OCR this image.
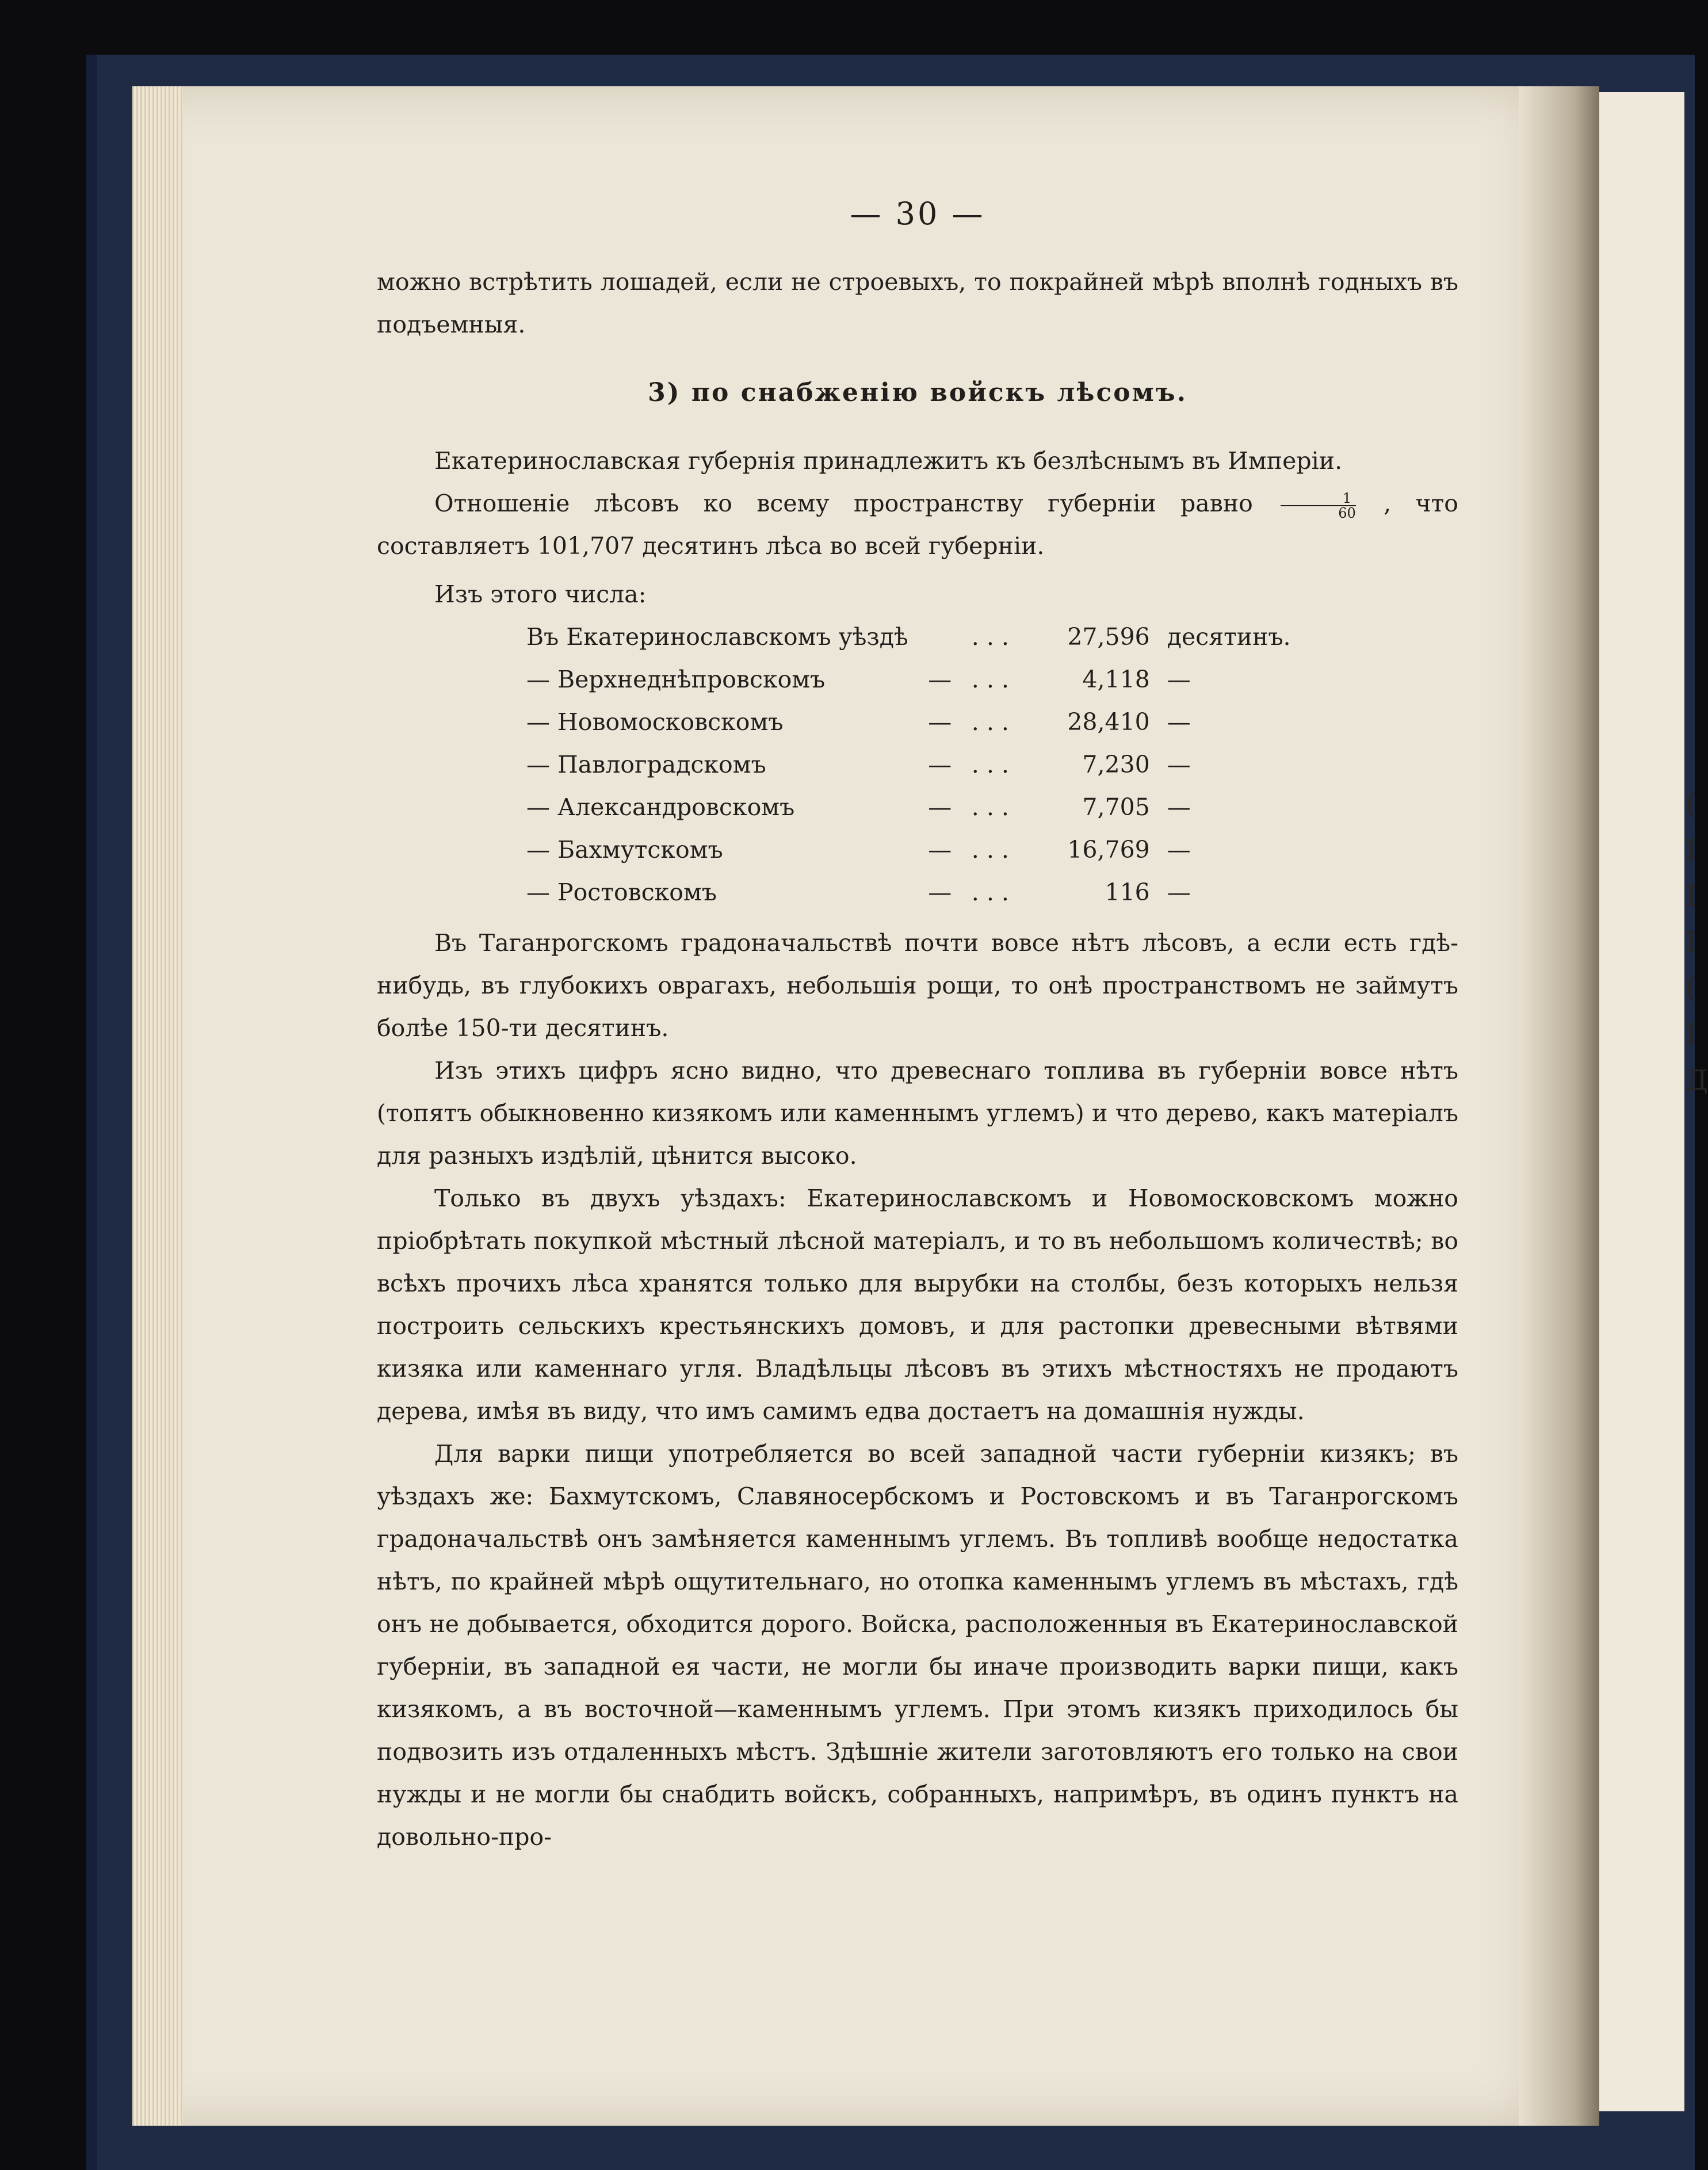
(
I
I
I
(
I
Д
— 30 —

можно встрѣтить лошадей, если не строевыхъ, то покрайней мѣрѣ вполнѣ годныхъ въ подъемныя.

3) по снабженію войскъ лѣсомъ.

Екатеринославская губернія принадлежитъ къ безлѣснымъ въ Имперіи.

Отношеніе лѣсовъ ко всему пространству губерніи равно $\frac{1}{60}$ , что составляетъ 101,707 десятинъ лѣса во всей губерніи.

Изъ этого числа:

Въ Екатеринославскомъ уѣздѣ		. . .	27,596	десятинъ.
— Верхнеднѣпровскомъ	—	. . .	4,118	—
— Новомосковскомъ	—	. . .	28,410	—
— Павлоградскомъ	—	. . .	7,230	—
— Александровскомъ	—	. . .	7,705	—
— Бахмутскомъ	—	. . .	16,769	—
— Ростовскомъ	—	. . .	116	—

Въ Таганрогскомъ градоначальствѣ почти вовсе нѣтъ лѣсовъ, а если есть гдѣ-нибудь, въ глубокихъ оврагахъ, небольшія рощи, то онѣ пространствомъ не займутъ болѣе 150-ти десятинъ.

Изъ этихъ цифръ ясно видно, что древеснаго топлива въ губерніи вовсе нѣтъ (топятъ обыкновенно кизякомъ или каменнымъ углемъ) и что дерево, какъ матеріалъ для разныхъ издѣлій, цѣнится высоко.

Только въ двухъ уѣздахъ: Екатеринославскомъ и Новомосковскомъ можно пріобрѣтать покупкой мѣстный лѣсной матеріалъ, и то въ небольшомъ количествѣ; во всѣхъ прочихъ лѣса хранятся только для вырубки на столбы, безъ которыхъ нельзя построить сельскихъ крестьянскихъ домовъ, и для растопки древесными вѣтвями кизяка или каменнаго угля. Владѣльцы лѣсовъ въ этихъ мѣстностяхъ не продаютъ дерева, имѣя въ виду, что имъ самимъ едва достаетъ на домашнія нужды.

Для варки пищи употребляется во всей западной части губерніи кизякъ; въ уѣздахъ же: Бахмутскомъ, Славяносербскомъ и Ростовскомъ и въ Таганрогскомъ градоначальствѣ онъ замѣняется каменнымъ углемъ. Въ топливѣ вообще недостатка нѣтъ, по крайней мѣрѣ ощутительнаго, но отопка каменнымъ углемъ въ мѣстахъ, гдѣ онъ не добывается, обходится дорого. Войска, расположенныя въ Екатеринославской губерніи, въ западной ея части, не могли бы иначе производить варки пищи, какъ кизякомъ, а въ восточной—каменнымъ углемъ. При этомъ кизякъ приходилось бы подвозить изъ отдаленныхъ мѣстъ. Здѣшніе жители заготовляютъ его только на свои нужды и не могли бы снабдить войскъ, собранныхъ, напримѣръ, въ одинъ пунктъ на довольно-про-
